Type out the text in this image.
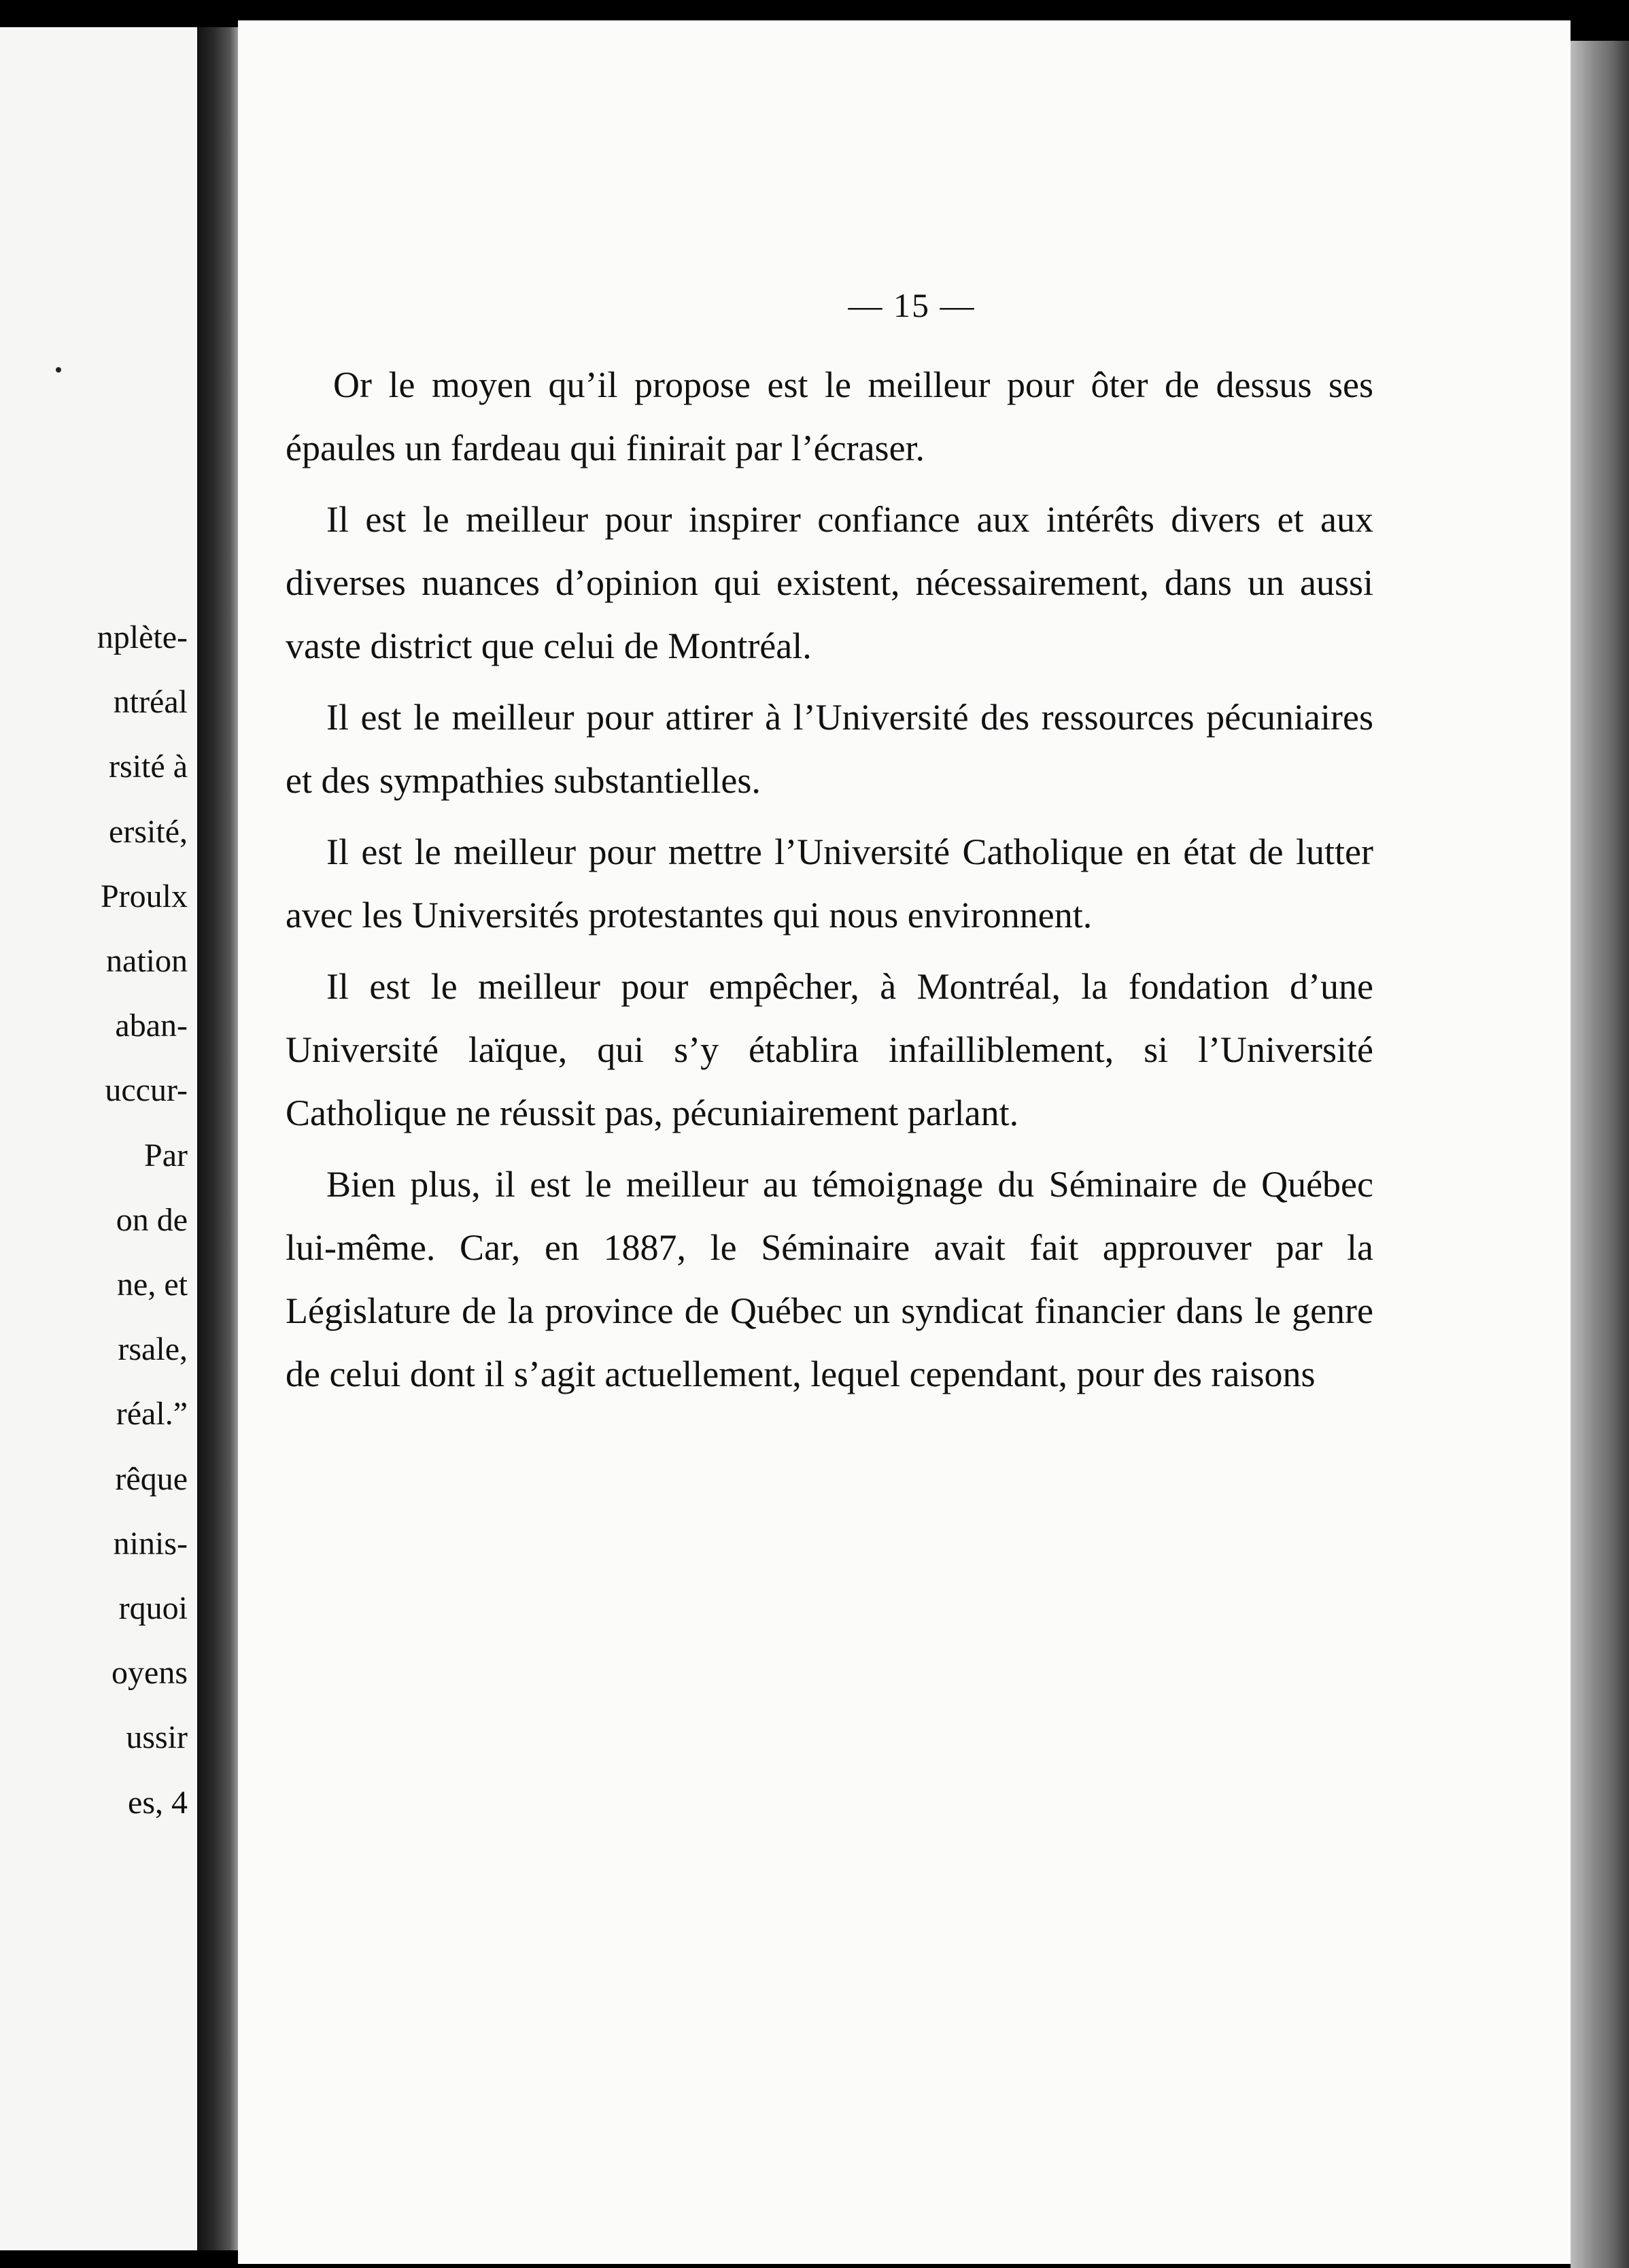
nplète-
ntréal
rsité à
ersité,
Proulx
nation
aban-
uccur-
Par
on de
ne, et
rsale,
réal.”
rêque
ninis-
rquoi
oyens
ussir
es, 4
— 15 —

Or le moyen qu’il propose est le meilleur pour ôter de dessus ses épaules un fardeau qui finirait par l’écraser.

Il est le meilleur pour inspirer confiance aux intérêts divers et aux diverses nuances d’opinion qui existent, nécessairement, dans un aussi vaste district que celui de Montréal.

Il est le meilleur pour attirer à l’Université des ressources pécuniaires et des sympathies substantielles.

Il est le meilleur pour mettre l’Université Catholique en état de lutter avec les Universités protestantes qui nous environnent.

Il est le meilleur pour empêcher, à Montréal, la fondation d’une Université laïque, qui s’y établira infailliblement, si l’Université Catholique ne réussit pas, pécuniairement parlant.

Bien plus, il est le meilleur au témoignage du Séminaire de Québec lui-même. Car, en 1887, le Séminaire avait fait approuver par la Législature de la province de Québec un syndicat financier dans le genre de celui dont il s’agit actuellement, lequel cependant, pour des raisons
